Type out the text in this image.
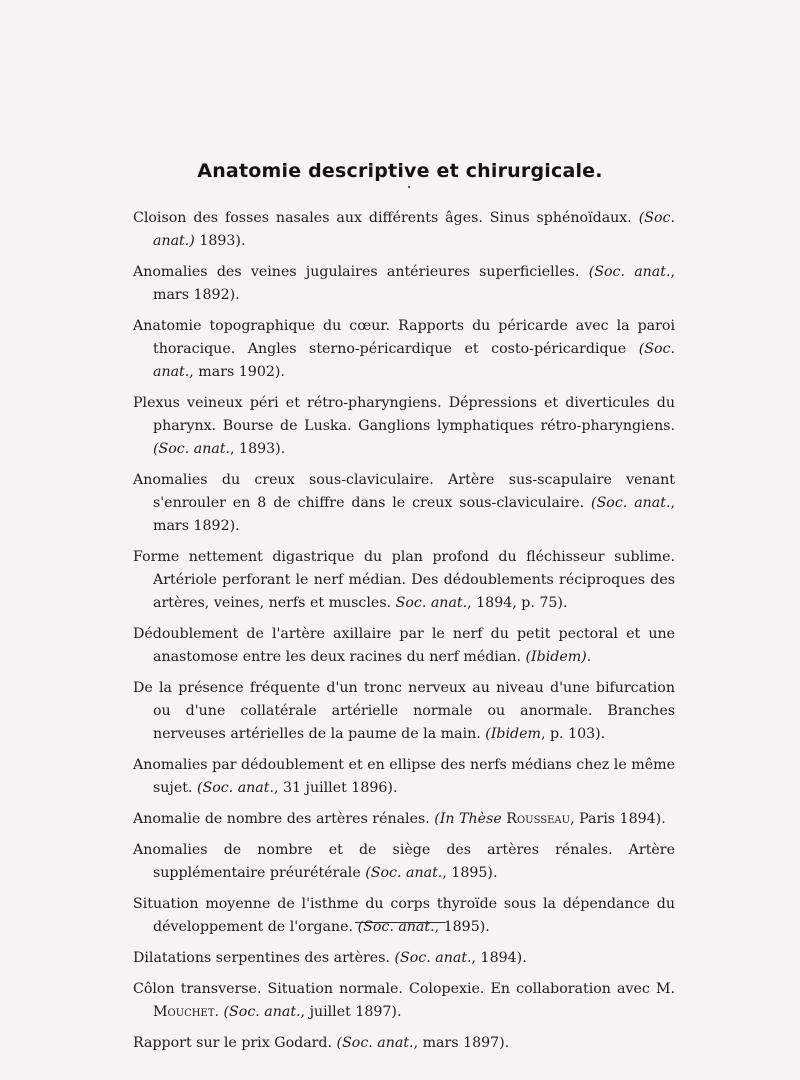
Anatomie descriptive et chirurgicale.
Cloison des fosses nasales aux différents âges. Sinus sphénoïdaux. (Soc. anat.) 1893).
Anomalies des veines jugulaires antérieures superficielles. (Soc. anat., mars 1892).
Anatomie topographique du cœur. Rapports du péricarde avec la paroi thoracique. Angles sterno-péricardique et costo-péricardique (Soc. anat., mars 1902).
Plexus veineux péri et rétro-pharyngiens. Dépressions et diverticules du pharynx. Bourse de Luska. Ganglions lymphatiques rétro-pharyngiens. (Soc. anat., 1893).
Anomalies du creux sous-claviculaire. Artère sus-scapulaire venant s'enrouler en 8 de chiffre dans le creux sous-claviculaire. (Soc. anat., mars 1892).
Forme nettement digastrique du plan profond du fléchisseur sublime. Artériole perforant le nerf médian. Des dédoublements réciproques des artères, veines, nerfs et muscles. Soc. anat., 1894, p. 75).
Dédoublement de l'artère axillaire par le nerf du petit pectoral et une anastomose entre les deux racines du nerf médian. (Ibidem).
De la présence fréquente d'un tronc nerveux au niveau d'une bifurcation ou d'une collatérale artérielle normale ou anormale. Branches nerveuses artérielles de la paume de la main. (Ibidem, p. 103).
Anomalies par dédoublement et en ellipse des nerfs médians chez le même sujet. (Soc. anat., 31 juillet 1896).
Anomalie de nombre des artères rénales. (In Thèse Rousseau, Paris 1894).
Anomalies de nombre et de siège des artères rénales. Artère supplémentaire préurétérale (Soc. anat., 1895).
Situation moyenne de l'isthme du corps thyroïde sous la dépendance du développement de l'organe. (Soc. anat., 1895).
Dilatations serpentines des artères. (Soc. anat., 1894).
Côlon transverse. Situation normale. Colopexie. En collaboration avec M. Mouchet. (Soc. anat., juillet 1897).
Rapport sur le prix Godard. (Soc. anat., mars 1897).
